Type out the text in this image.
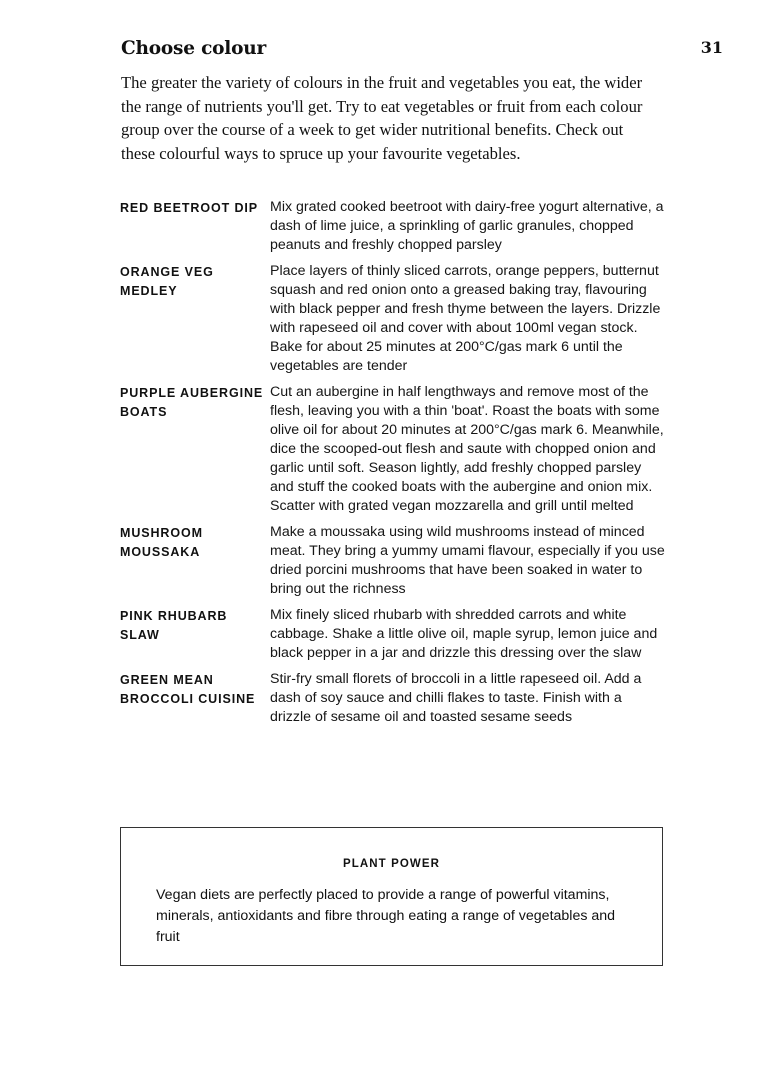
31
Choose colour

The greater the variety of colours in the fruit and vegetables you eat, the wider the range of nutrients you'll get. Try to eat vegetables or fruit from each colour group over the course of a week to get wider nutritional benefits. Check out these colourful ways to spruce up your favourite vegetables.

RED BEETROOT DIP Mix grated cooked beetroot with dairy-free yogurt alternative, a dash of lime juice, a sprinkling of garlic granules, chopped peanuts and freshly chopped parsley
ORANGE VEG MEDLEY
Place layers of thinly sliced carrots, orange peppers, butternut squash and red onion onto a greased baking tray, flavouring with black pepper and fresh thyme between the layers. Drizzle with rapeseed oil and cover with about 100ml vegan stock. Bake for about 25 minutes at 200°C/gas mark 6 until the vegetables are tender
PURPLE AUBERGINE BOATS
Cut an aubergine in half lengthways and remove most of the flesh, leaving you with a thin 'boat'. Roast the boats with some olive oil for about 20 minutes at 200°C/gas mark 6. Meanwhile, dice the scooped-out flesh and saute with chopped onion and garlic until soft. Season lightly, add freshly chopped parsley and stuff the cooked boats with the aubergine and onion mix. Scatter with grated vegan mozzarella and grill until melted
MUSHROOM MOUSSAKA
Make a moussaka using wild mushrooms instead of minced meat. They bring a yummy umami flavour, especially if you use dried porcini mushrooms that have been soaked in water to bring out the richness
PINK RHUBARB SLAW
Mix finely sliced rhubarb with shredded carrots and white cabbage. Shake a little olive oil, maple syrup, lemon juice and black pepper in a jar and drizzle this dressing over the slaw
GREEN MEAN BROCCOLI CUISINE
Stir-fry small florets of broccoli in a little rapeseed oil. Add a dash of soy sauce and chilli flakes to taste. Finish with a drizzle of sesame oil and toasted sesame seeds
PLANT POWER

Vegan diets are perfectly placed to provide a range of powerful vitamins, minerals, antioxidants and fibre through eating a range of vegetables and fruit
